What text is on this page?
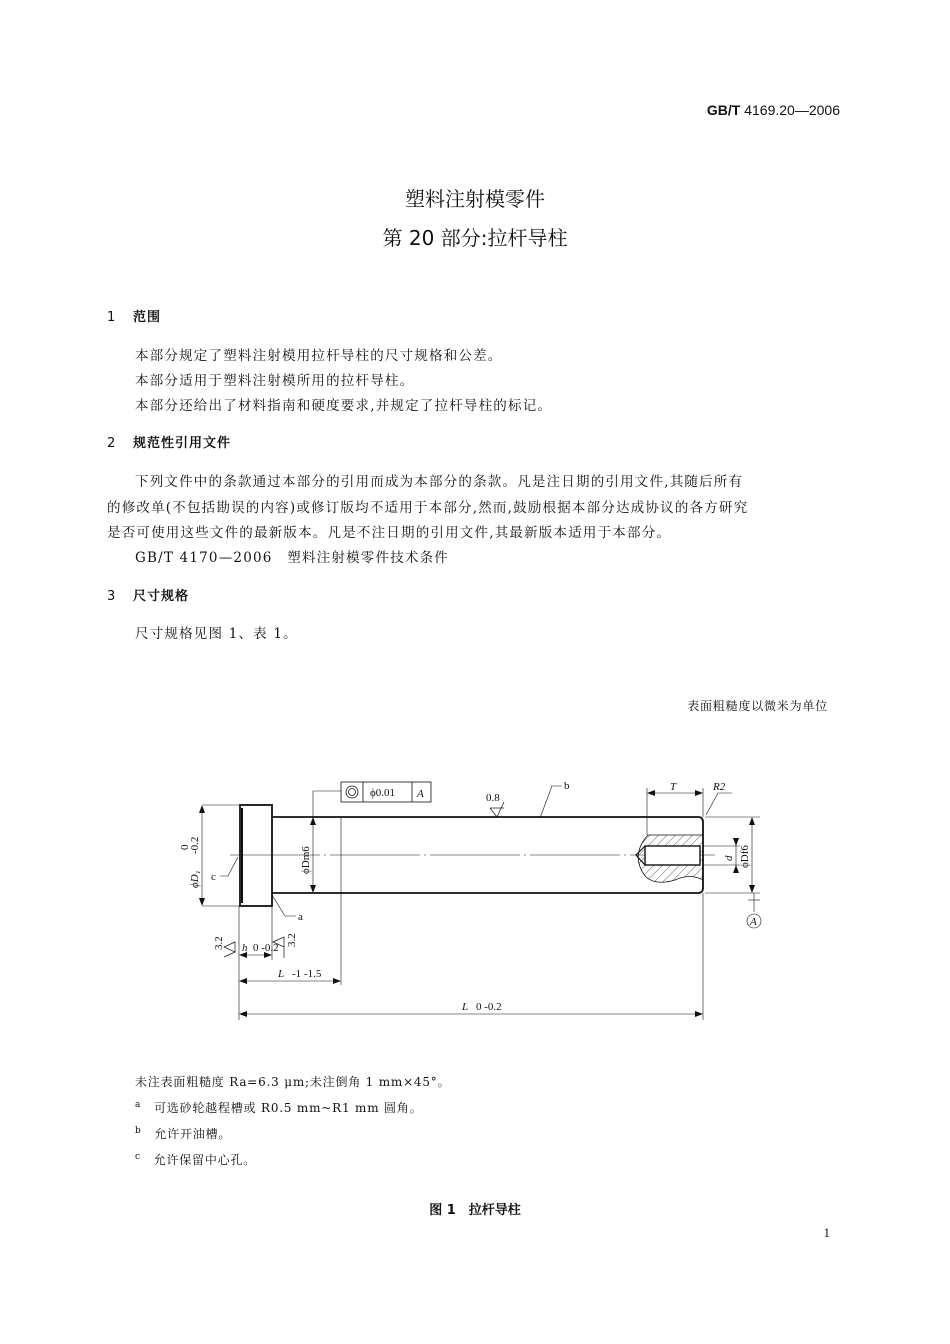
GB/T 4169.20—2006
塑料注射模零件
第 20 部分:拉杆导柱
1 范围
本部分规定了塑料注射模用拉杆导柱的尺寸规格和公差。
本部分适用于塑料注射模所用的拉杆导柱。
本部分还给出了材料指南和硬度要求,并规定了拉杆导柱的标记。
2 规范性引用文件
下列文件中的条款通过本部分的引用而成为本部分的条款。凡是注日期的引用文件,其随后所有
的修改单(不包括勘误的内容)或修订版均不适用于本部分,然而,鼓励根据本部分达成协议的各方研究
是否可使用这些文件的最新版本。凡是不注日期的引用文件,其最新版本适用于本部分。
GB/T 4170—2006　 塑料注射模零件技术条件
3 尺寸规格
尺寸规格见图 1、表 1。
表面粗糙度以微米为单位
ϕ0.01 A	0.8
3.2	3.2
ϕD₁
-0.2
0	ϕDm6	ϕDf6
d
T	R2
h 0 -0.2
L -1 -1.5
L 0 -0.2
a
b
c
A
未注表面粗糙度 Ra=6.3 μm;未注倒角 1 mm×45°。
$^a$　 可选砂轮越程槽或 R0.5 mm~R1 mm 圆角。
$^b$　 允许开油槽。
$^c$　 允许保留中心孔。
图 1　拉杆导柱
1
